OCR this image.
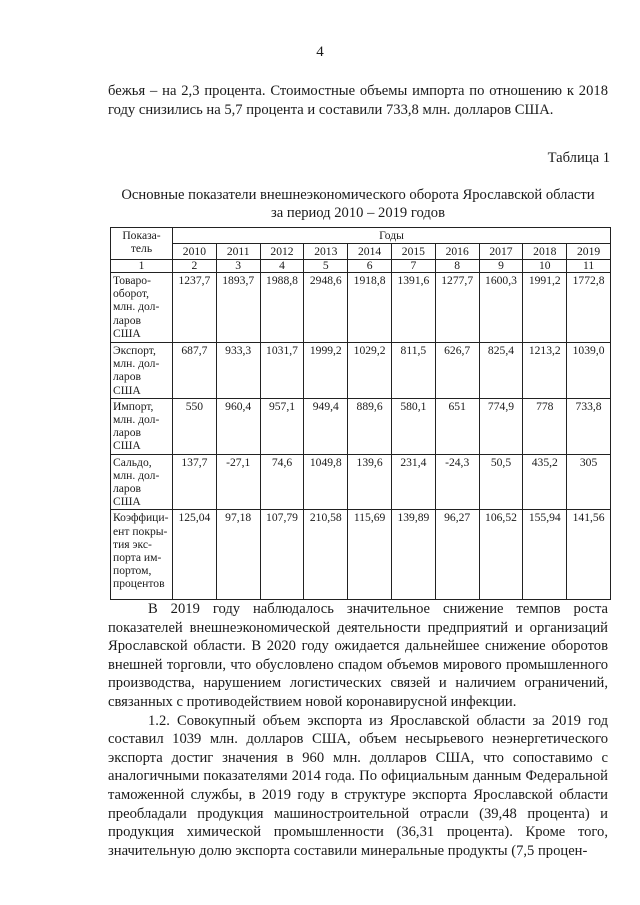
4

бежья – на 2,3 процента. Стоимостные объемы импорта по отношению к 2018 году снизились на 5,7 процента и составили 733,8 млн. долларов США.

Таблица 1
Основные показатели внешнеэкономического оборота Ярославской области
за период 2010 – 2019 годов
Показа-тель	Годы									
	2010	2011	2012	2013	2014	2015	2016	2017	2018	2019
1	2	3	4	5	6	7	8	9	10	11
Товаро-оборот, млн. дол-ларов США	1237,7	1893,7	1988,8	2948,6	1918,8	1391,6	1277,7	1600,3	1991,2	1772,8
Экспорт, млн. дол-ларов США	687,7	933,3	1031,7	1999,2	1029,2	811,5	626,7	825,4	1213,2	1039,0
Импорт, млн. дол-ларов США	550	960,4	957,1	949,4	889,6	580,1	651	774,9	778	733,8
Сальдо, млн. дол-ларов США	137,7	-27,1	74,6	1049,8	139,6	231,4	-24,3	50,5	435,2	305
Коэффици-ент покры-тия экс-порта им-портом, процентов	125,04	97,18	107,79	210,58	115,69	139,89	96,27	106,52	155,94	141,56

В 2019 году наблюдалось значительное снижение темпов роста показателей внешнеэкономической деятельности предприятий и организаций Ярославской области. В 2020 году ожидается дальнейшее снижение оборотов внешней торговли, что обусловлено спадом объемов мирового промышленного производства, нарушением логистических связей и наличием ограничений, связанных с противодействием новой коронавирусной инфекции.

1.2. Совокупный объем экспорта из Ярославской области за 2019 год составил 1039 млн. долларов США, объем несырьевого неэнергетического экспорта достиг значения в 960 млн. долларов США, что сопоставимо с аналогичными показателями 2014 года. По официальным данным Федеральной таможенной службы, в 2019 году в структуре экспорта Ярославской области преобладали продукция машиностроительной отрасли (39,48 процента) и продукция химической промышленности (36,31 процента). Кроме того, значительную долю экспорта составили минеральные продукты (7,5 процен-
